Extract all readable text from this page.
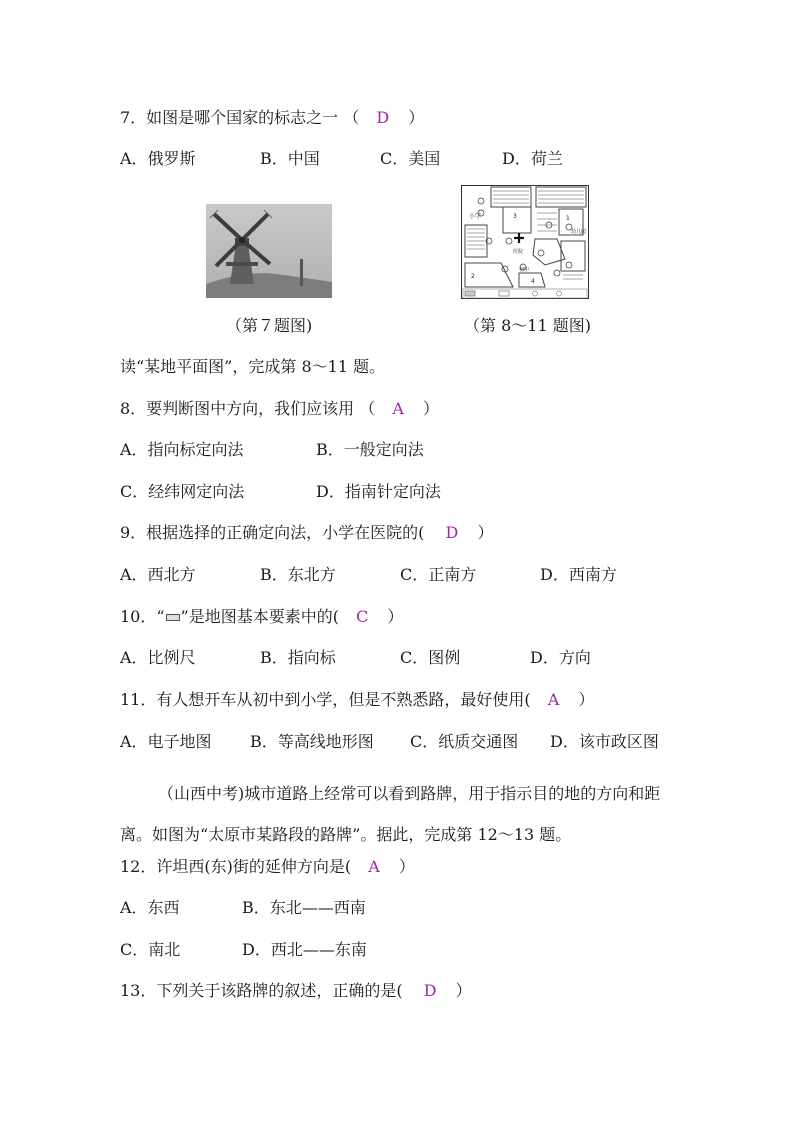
7．如图是哪个国家的标志之一 （ D ）
A．俄罗斯	B．中国	C．美国	D．荷兰
（第７题图)
小学
医院
初中
幼儿园
1
2
3
4
（第 8～11 题图)
读“某地平面图”，完成第 8～11 题。
8．要判断图中方向，我们应该用 （ A ）
A．指向标定向法	B．一般定向法
C．经纬网定向法	D．指南针定向法
9．根据选择的正确定向法，小学在医院的( D ）
A．西北方	B．东北方	C．正南方	D．西南方
10．“ ”是地图基本要素中的( C ）
A．比例尺	B．指向标	C．图例	D．方向
11．有人想开车从初中到小学，但是不熟悉路，最好使用( A ）
A．电子地图 B．等高线地形图 C．纸质交通图 D．该市政区图
（山西中考)城市道路上经常可以看到路牌，用于指示目的地的方向和距离。如图为“太原市某路段的路牌”。据此，完成第 12～13 题。
12．许坦西(东)街的延伸方向是( A ）
A．东西	B．东北——西南
C．南北	D．西北——东南
13．下列关于该路牌的叙述，正确的是( D ）
